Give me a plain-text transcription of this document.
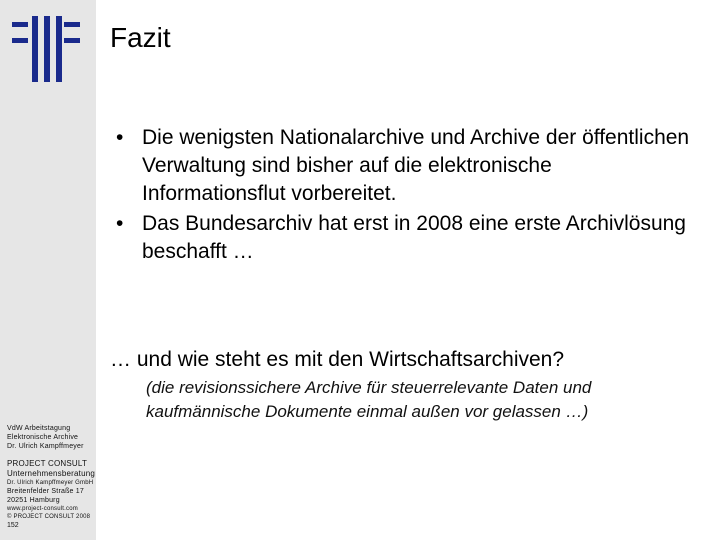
VdW Arbeitstagung
Elektronische Archive
Dr. Ulrich Kampffmeyer
PROJECT CONSULT
Unternehmensberatung
Dr. Ulrich Kampffmeyer GmbH
Breitenfelder Straße 17
20251 Hamburg
www.project-consult.com
© PROJECT CONSULT 2008
152
Fazit
• Die wenigsten Nationalarchive und Archive der öffentlichen Verwaltung sind bisher auf die elektronische Informationsflut vorbereitet.
• Das Bundesarchiv hat erst in 2008 eine erste Archivlösung beschafft …
… und wie steht es mit den Wirtschaftsarchiven?
(die revisionssichere Archive für steuerrelevante Daten und kaufmännische Dokumente einmal außen vor gelassen …)
